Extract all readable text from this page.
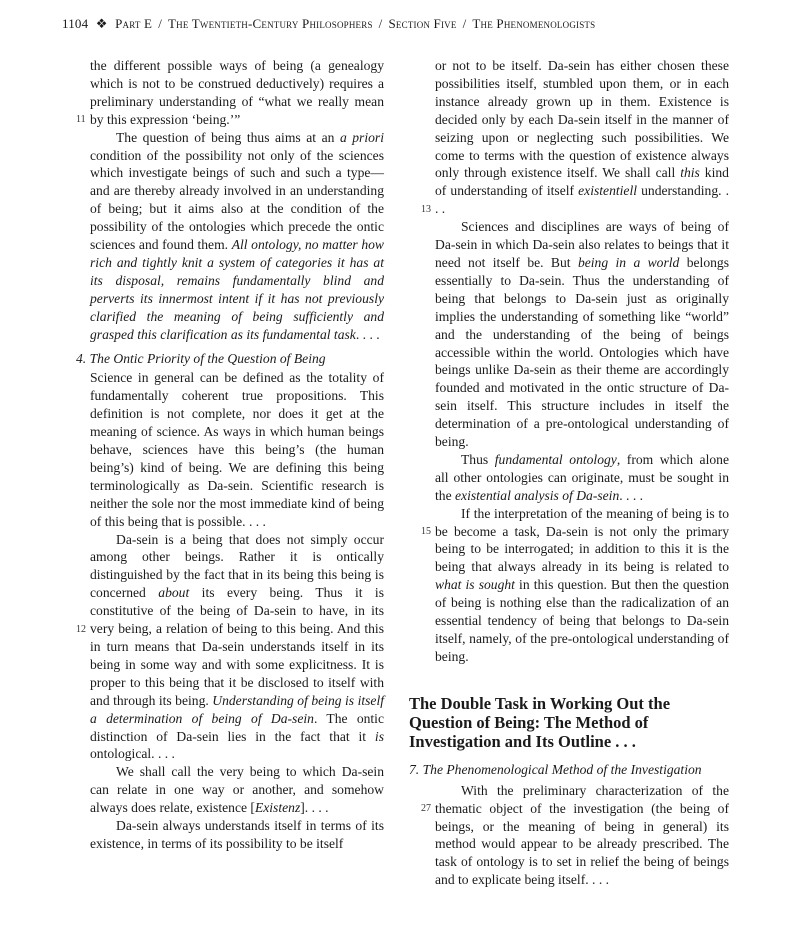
1104 ❖ Part E / The Twentieth-Century Philosophers / Section Five / The Phenomenologists

the different possible ways of being (a genealogy which is not to be construed deductively) requires a preliminary understanding of “what we really mean by this expression ‘being.’”
11

The question of being thus aims at an a priori condition of the possibility not only of the sciences which investigate beings of such and such a type—and are thereby already involved in an understanding of being; but it aims also at the condition of the possibility of the ontologies which precede the ontic sciences and found them. All ontology, no matter how rich and tightly knit a system of categories it has at its disposal, remains fundamentally blind and perverts its innermost intent if it has not previously clarified the meaning of being sufficiently and grasped this clarification as its fundamental task. . . .

4. The Ontic Priority of the Question of Being

Science in general can be defined as the totality of fundamentally coherent true propositions. This definition is not complete, nor does it get at the meaning of science. As ways in which human beings behave, sciences have this being’s (the human being’s) kind of being. We are defining this being terminologically as Da-sein. Scientific research is neither the sole nor the most immediate kind of being of this being that is possible. . . .

Da-sein is a being that does not simply occur among other beings. Rather it is ontically distinguished by the fact that in its being this being is concerned about its every being. Thus it is constitutive of the being of Da-sein to have, in its very being, a relation of being to this being. And this in turn means that Da-sein understands itself in its being in some way and with some explicitness. It is proper to this being that it be disclosed to itself with and through its being. Understanding of being is itself a determination of being of Da-sein. The ontic distinction of Da-sein lies in the fact that it is ontological. . . .
12

We shall call the very being to which Da-sein can relate in one way or another, and somehow always does relate, existence [Existenz]. . . .

Da-sein always understands itself in terms of its existence, in terms of its possibility to be itself

or not to be itself. Da-sein has either chosen these possibilities itself, stumbled upon them, or in each instance already grown up in them. Existence is decided only by each Da-sein itself in the manner of seizing upon or neglecting such possibilities. We come to terms with the question of existence always only through existence itself. We shall call this kind of understanding of itself existentiell understanding. . . .
13

Sciences and disciplines are ways of being of Da-sein in which Da-sein also relates to beings that it need not itself be. But being in a world belongs essentially to Da-sein. Thus the understanding of being that belongs to Da-sein just as originally implies the understanding of something like “world” and the understanding of the being of beings accessible within the world. Ontologies which have beings unlike Da-sein as their theme are accordingly founded and motivated in the ontic structure of Da-sein itself. This structure includes in itself the determination of a pre-ontological understanding of being.

Thus fundamental ontology, from which alone all other ontologies can originate, must be sought in the existential analysis of Da-sein. . . .

If the interpretation of the meaning of being is to be become a task, Da-sein is not only the primary being to be interrogated; in addition to this it is the being that always already in its being is related to what is sought in this question. But then the question of being is nothing else than the radicalization of an essential tendency of being that belongs to Da-sein itself, namely, of the pre-ontological understanding of being.
15

The Double Task in Working Out the Question of Being: The Method of Investigation and Its Outline . . .

7. The Phenomenological Method of the Investigation

With the preliminary characterization of the thematic object of the investigation (the being of beings, or the meaning of being in general) its method would appear to be already prescribed. The task of ontology is to set in relief the being of beings and to explicate being itself. . . .
27
